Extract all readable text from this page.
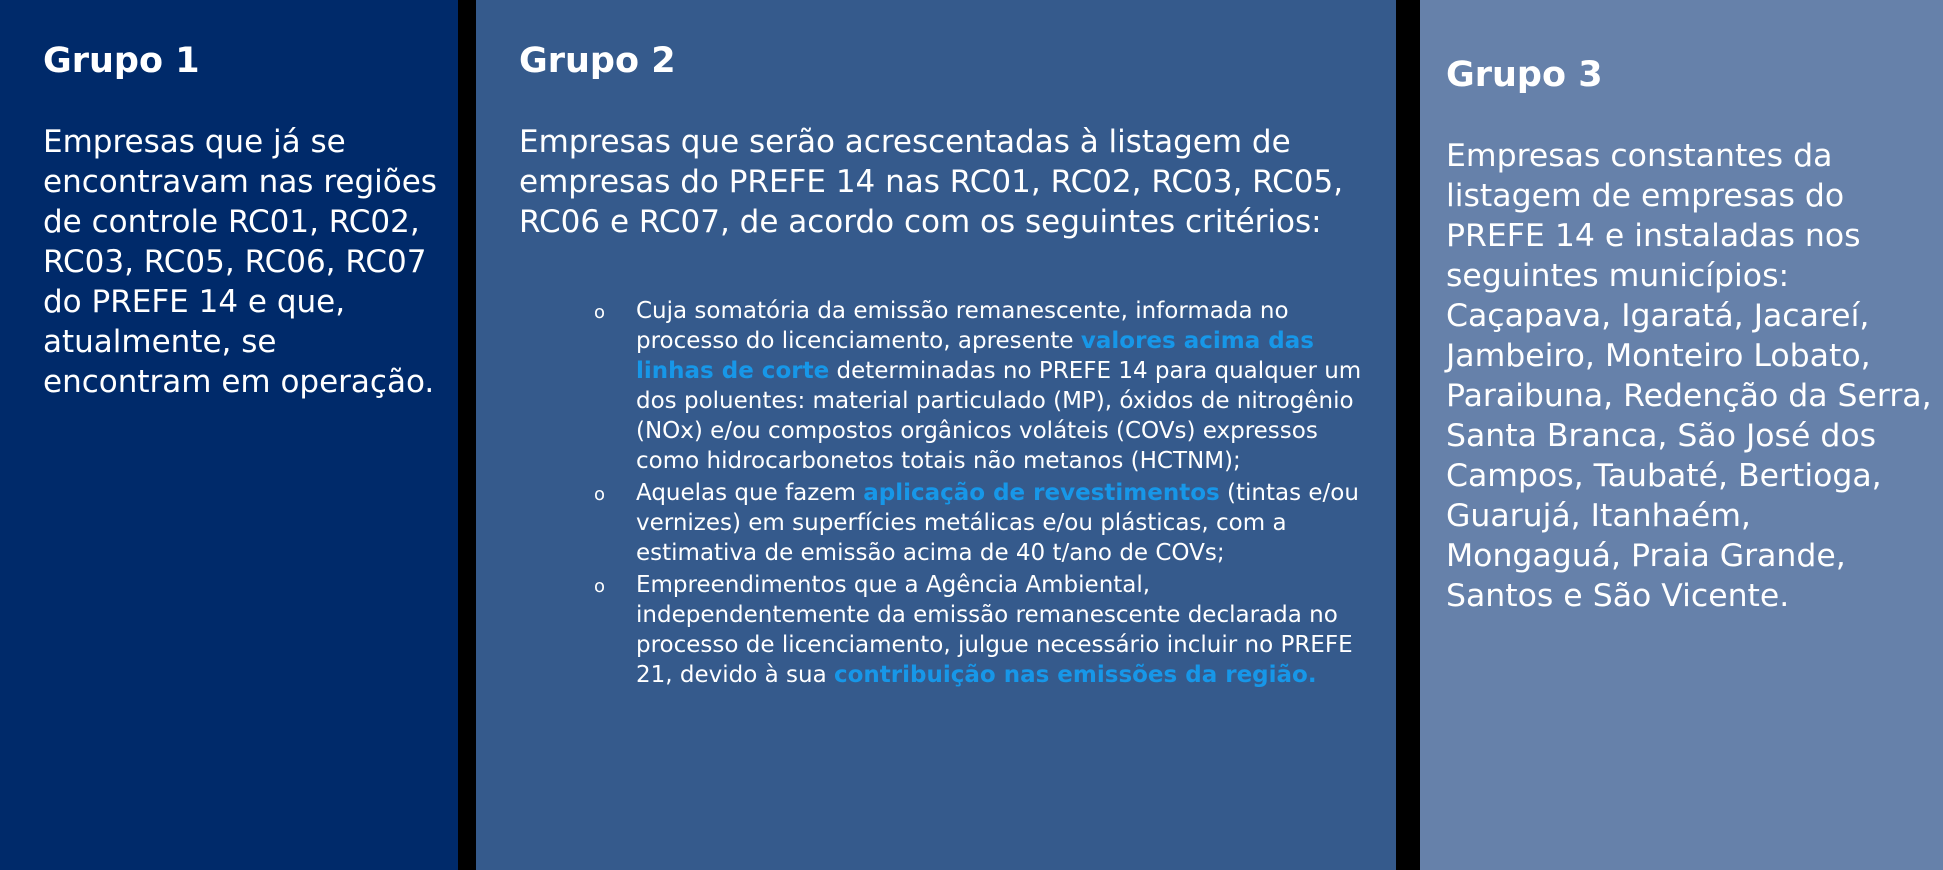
Grupo 1

Empresas que já se encontravam nas regiões de controle RC01, RC02, RC03, RC05, RC06, RC07 do PREFE 14 e que, atualmente, se encontram em operação.

Grupo 2

Empresas que serão acrescentadas à listagem de empresas do PREFE 14 nas RC01, RC02, RC03, RC05, RC06 e RC07, de acordo com os seguintes critérios:

o Cuja somatória da emissão remanescente, informada no processo do licenciamento, apresente valores acima das linhas de corte determinadas no PREFE 14 para qualquer um dos poluentes: material particulado (MP), óxidos de nitrogênio (NOx) e/ou compostos orgânicos voláteis (COVs) expressos como hidrocarbonetos totais não metanos (HCTNM);
o Aquelas que fazem aplicação de revestimentos (tintas e/ou vernizes) em superfícies metálicas e/ou plásticas, com a estimativa de emissão acima de 40 t/ano de COVs;
o Empreendimentos que a Agência Ambiental, independentemente da emissão remanescente declarada no processo de licenciamento, julgue necessário incluir no PREFE 21, devido à sua contribuição nas emissões da região.
Grupo 3

Empresas constantes da listagem de empresas do PREFE 14 e instaladas nos seguintes municípios: Caçapava, Igaratá, Jacareí, Jambeiro, Monteiro Lobato, Paraibuna, Redenção da Serra, Santa Branca, São José dos Campos, Taubaté, Bertioga, Guarujá, Itanhaém, Mongaguá, Praia Grande, Santos e São Vicente.
